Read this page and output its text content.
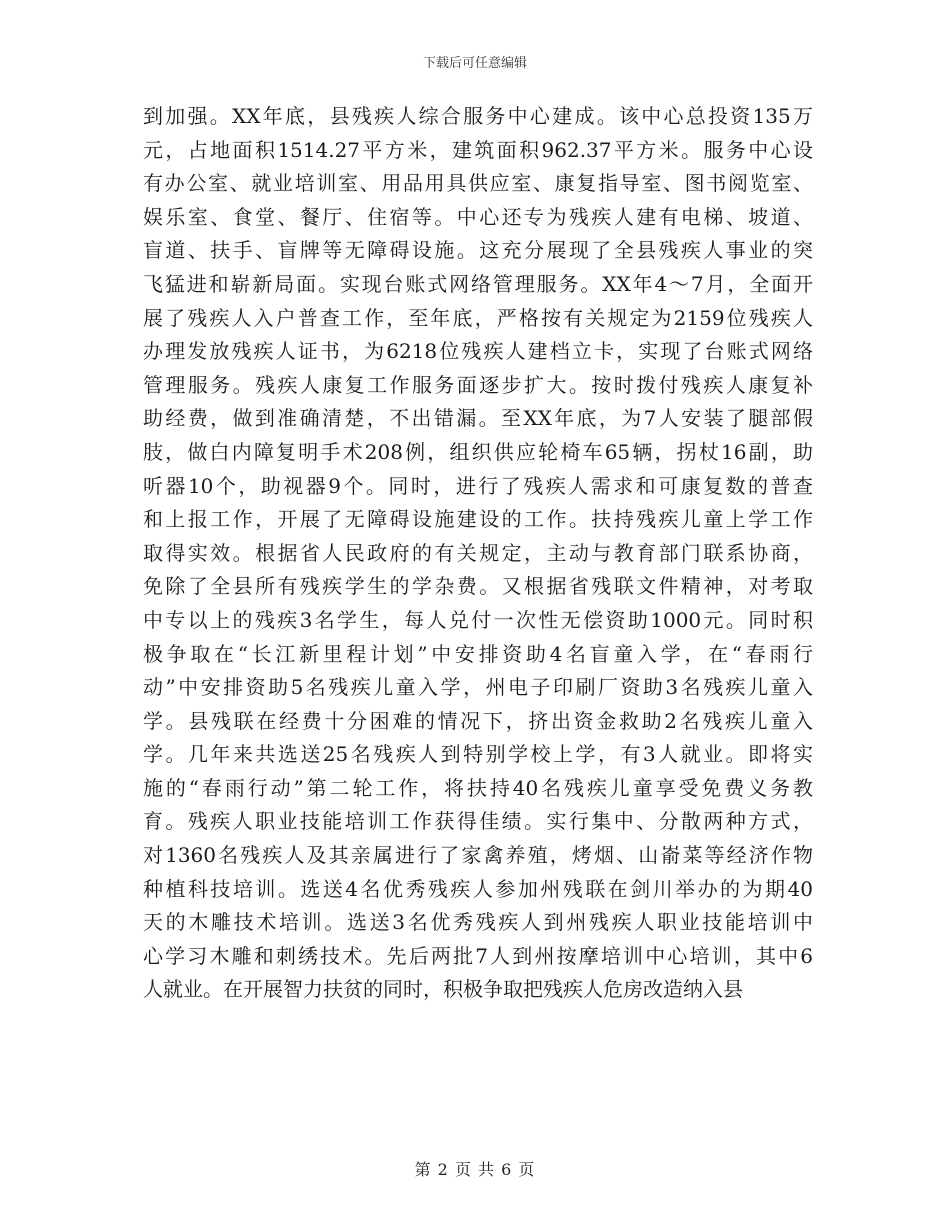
下载后可任意编辑
到加强。XX年底，县残疾人综合服务中心建成。该中心总投资135万
元，占地面积1514.27平方米，建筑面积962.37平方米。服务中心设
有办公室、就业培训室、用品用具供应室、康复指导室、图书阅览室、
娱乐室、食堂、餐厅、住宿等。中心还专为残疾人建有电梯、坡道、
盲道、扶手、盲牌等无障碍设施。这充分展现了全县残疾人事业的突
飞猛进和崭新局面。实现台账式网络管理服务。XX年4～7月，全面开
展了残疾人入户普查工作，至年底，严格按有关规定为2159位残疾人
办理发放残疾人证书，为6218位残疾人建档立卡，实现了台账式网络
管理服务。残疾人康复工作服务面逐步扩大。按时拨付残疾人康复补
助经费，做到准确清楚，不出错漏。至XX年底，为7人安装了腿部假
肢，做白内障复明手术208例，组织供应轮椅车65辆，拐杖16副，助
听器10个，助视器9个。同时，进行了残疾人需求和可康复数的普查
和上报工作，开展了无障碍设施建设的工作。扶持残疾儿童上学工作
取得实效。根据省人民政府的有关规定，主动与教育部门联系协商，
免除了全县所有残疾学生的学杂费。又根据省残联文件精神，对考取
中专以上的残疾3名学生，每人兑付一次性无偿资助1000元。同时积
极争取在“长江新里程计划”中安排资助4名盲童入学，在“春雨行
动”中安排资助5名残疾儿童入学，州电子印刷厂资助3名残疾儿童入
学。县残联在经费十分困难的情况下，挤出资金救助2名残疾儿童入
学。几年来共选送25名残疾人到特别学校上学，有3人就业。即将实
施的“春雨行动”第二轮工作，将扶持40名残疾儿童享受免费义务教
育。残疾人职业技能培训工作获得佳绩。实行集中、分散两种方式，
对1360名残疾人及其亲属进行了家禽养殖，烤烟、山嵛菜等经济作物
种植科技培训。选送4名优秀残疾人参加州残联在剑川举办的为期40
天的木雕技术培训。选送3名优秀残疾人到州残疾人职业技能培训中
心学习木雕和刺绣技术。先后两批7人到州按摩培训中心培训，其中6
人就业。在开展智力扶贫的同时，积极争取把残疾人危房改造纳入县
第 2 页 共 6 页
